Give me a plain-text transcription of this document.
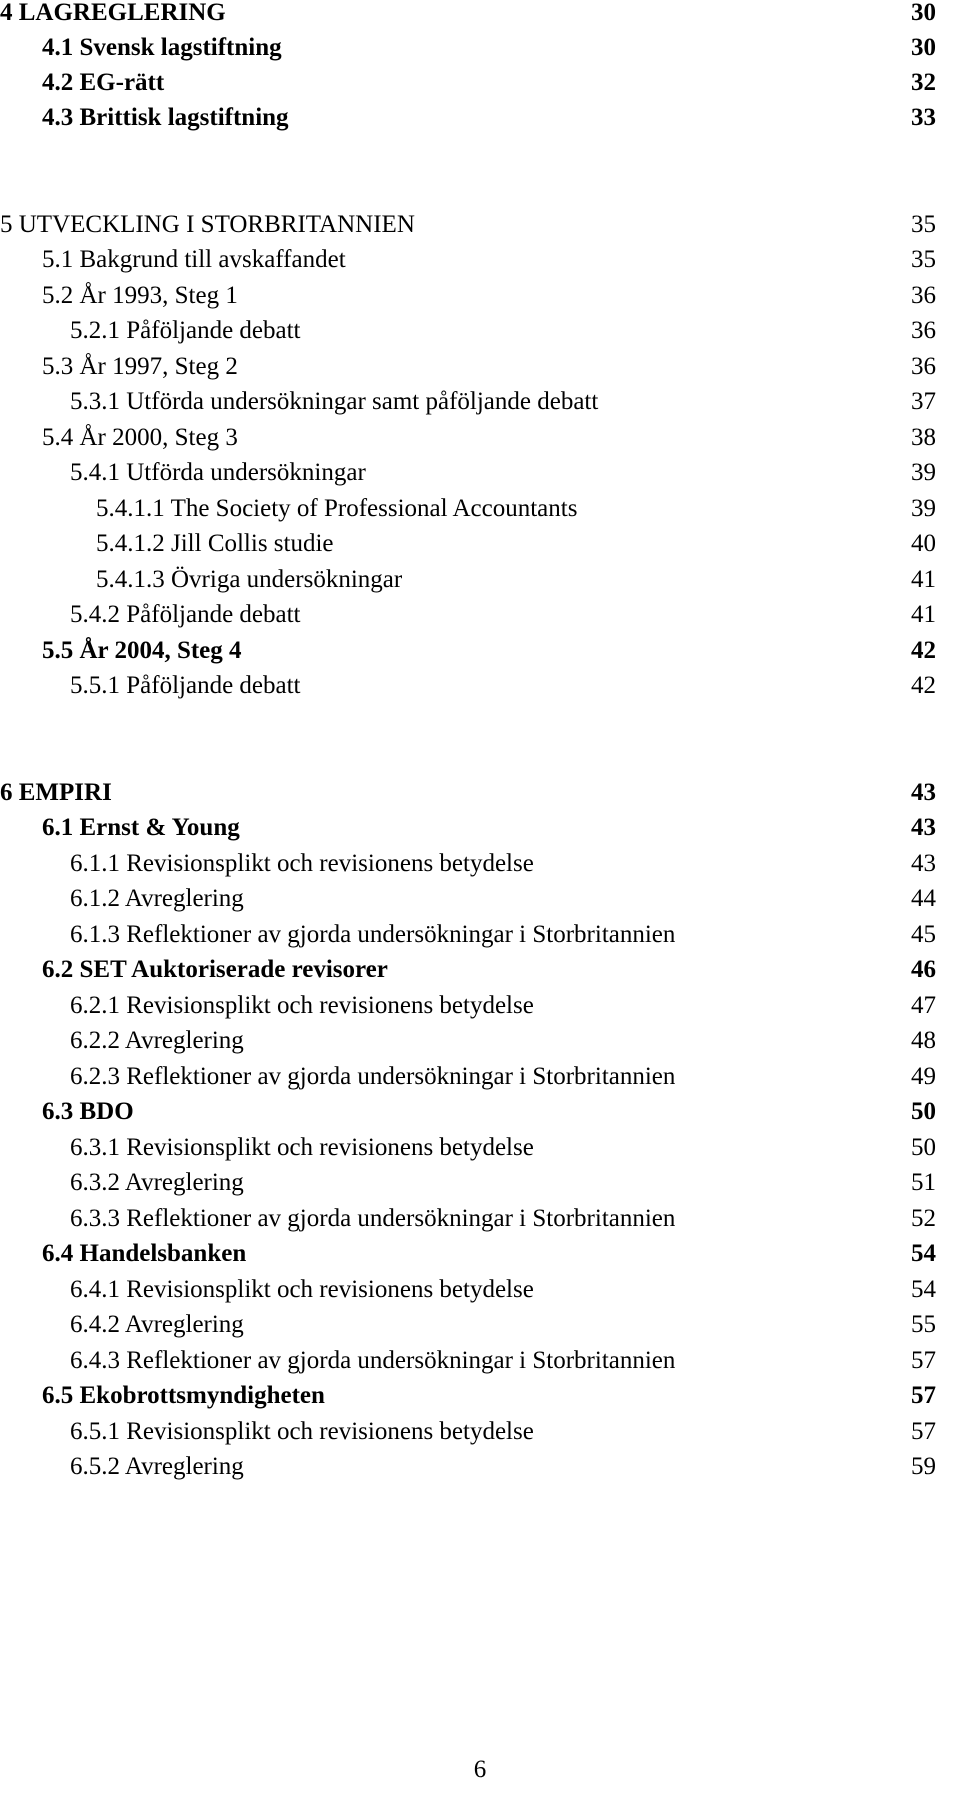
4 LAGREGLERING	30
4.1 Svensk lagstiftning	30
4.2 EG-rätt	32
4.3 Brittisk lagstiftning	33
5 UTVECKLING I STORBRITANNIEN	35
5.1 Bakgrund till avskaffandet	35
5.2 År 1993, Steg 1	36
5.2.1 Påföljande debatt	36
5.3 År 1997, Steg 2	36
5.3.1 Utförda undersökningar samt påföljande debatt	37
5.4 År 2000, Steg 3	38
5.4.1 Utförda undersökningar	39
5.4.1.1 The Society of Professional Accountants	39
5.4.1.2 Jill Collis studie	40
5.4.1.3 Övriga undersökningar	41
5.4.2 Påföljande debatt	41
5.5 År 2004, Steg 4	42
5.5.1 Påföljande debatt	42
6 EMPIRI	43
6.1 Ernst & Young	43
6.1.1 Revisionsplikt och revisionens betydelse	43
6.1.2 Avreglering	44
6.1.3 Reflektioner av gjorda undersökningar i Storbritannien	45
6.2 SET Auktoriserade revisorer	46
6.2.1 Revisionsplikt och revisionens betydelse	47
6.2.2 Avreglering	48
6.2.3 Reflektioner av gjorda undersökningar i Storbritannien	49
6.3 BDO	50
6.3.1 Revisionsplikt och revisionens betydelse	50
6.3.2 Avreglering	51
6.3.3 Reflektioner av gjorda undersökningar i Storbritannien	52
6.4 Handelsbanken	54
6.4.1 Revisionsplikt och revisionens betydelse	54
6.4.2 Avreglering	55
6.4.3 Reflektioner av gjorda undersökningar i Storbritannien	57
6.5 Ekobrottsmyndigheten	57
6.5.1 Revisionsplikt och revisionens betydelse	57
6.5.2 Avreglering	59
6
